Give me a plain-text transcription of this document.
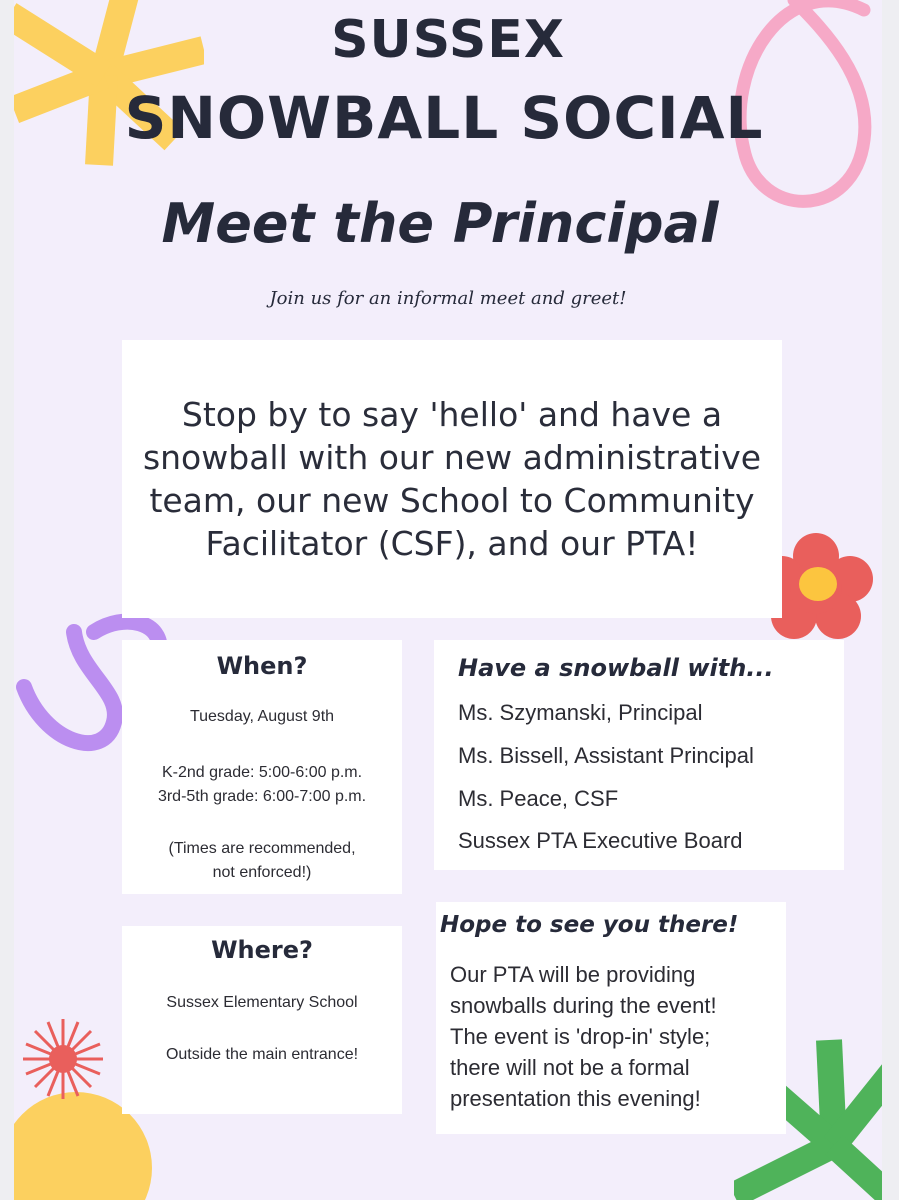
SUSSEX
SNOWBALL SOCIAL
Meet the Principal
Join us for an informal meet and greet!
Stop by to say 'hello' and have a snowball with our new administrative team, our new School to Community Facilitator (CSF), and our PTA!
When?
Tuesday, August 9th
K-2nd grade: 5:00-6:00 p.m.
3rd-5th grade: 6:00-7:00 p.m.
(Times are recommended,
not enforced!)
Where?
Sussex Elementary School
Outside the main entrance!
Have a snowball with...
Ms. Szymanski, Principal
Ms. Bissell, Assistant Principal
Ms. Peace, CSF
Sussex PTA Executive Board
Hope to see you there!
Our PTA will be providing
snowballs during the event!
The event is 'drop-in' style;
there will not be a formal
presentation this evening!
